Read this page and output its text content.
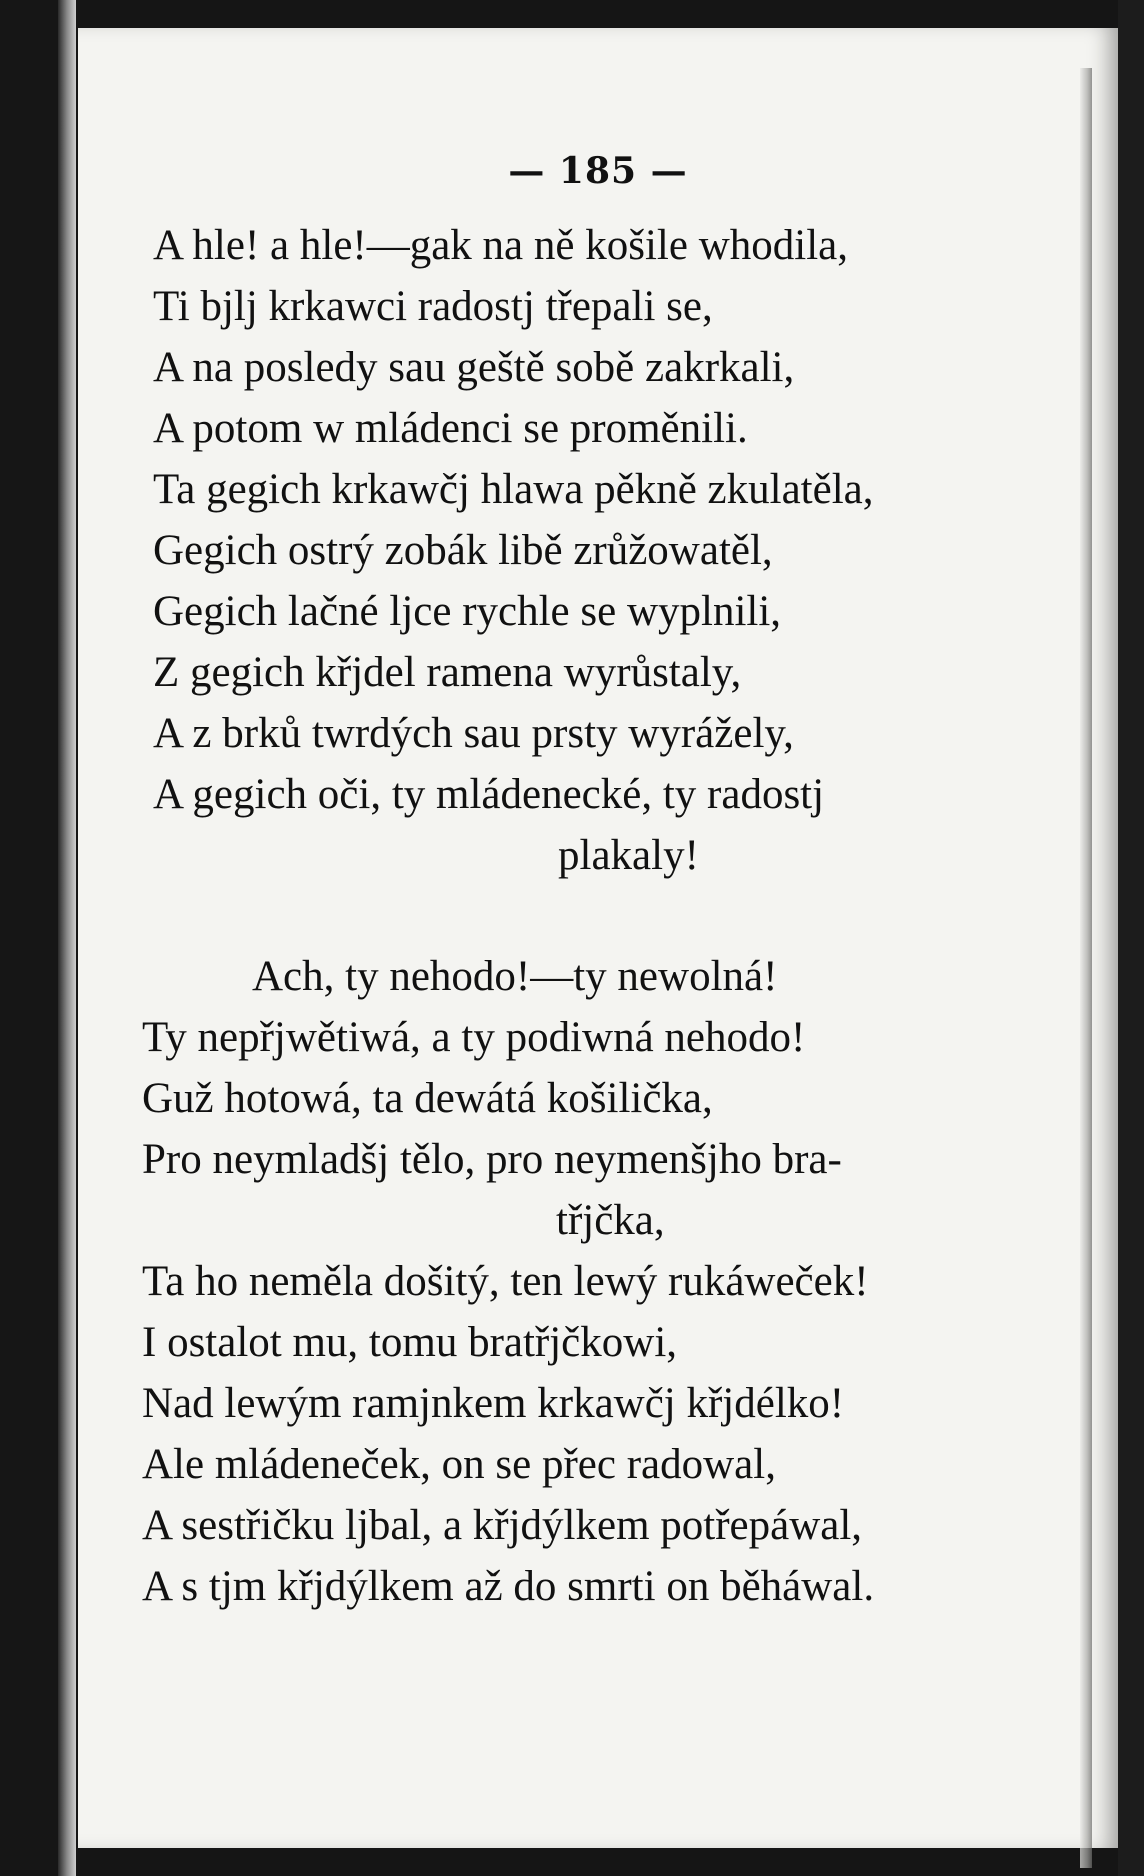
— 185 —
A hle! a hle!—gak na ně košile whodila,
Ti bjlj krkawci radostj třepali se,
A na posledy sau geště sobě zakrkali,
A potom w mládenci se proměnili.
Ta gegich krkawčj hlawa pěkně zkulatěla,
Gegich ostrý zobák libě zrůžowatěl,
Gegich lačné ljce rychle se wyplnili,
Z gegich křjdel ramena wyrůstaly,
A z brků twrdých sau prsty wyrážely,
A gegich oči, ty mládenecké, ty radostj
plakaly!
Ach, ty nehodo!—ty newolná!
Ty nepřjwětiwá, a ty podiwná nehodo!
Guž hotowá, ta dewátá košilička,
Pro neymladšj tělo, pro neymenšjho bra-
třjčka,
Ta ho neměla došitý, ten lewý rukáweček!
I ostalot mu, tomu bratřjčkowi,
Nad lewým ramjnkem krkawčj křjdélko!
Ale mládeneček, on se přec radowal,
A sestřičku ljbal, a křjdýlkem potřepáwal,
A s tjm křjdýlkem až do smrti on běháwal.
